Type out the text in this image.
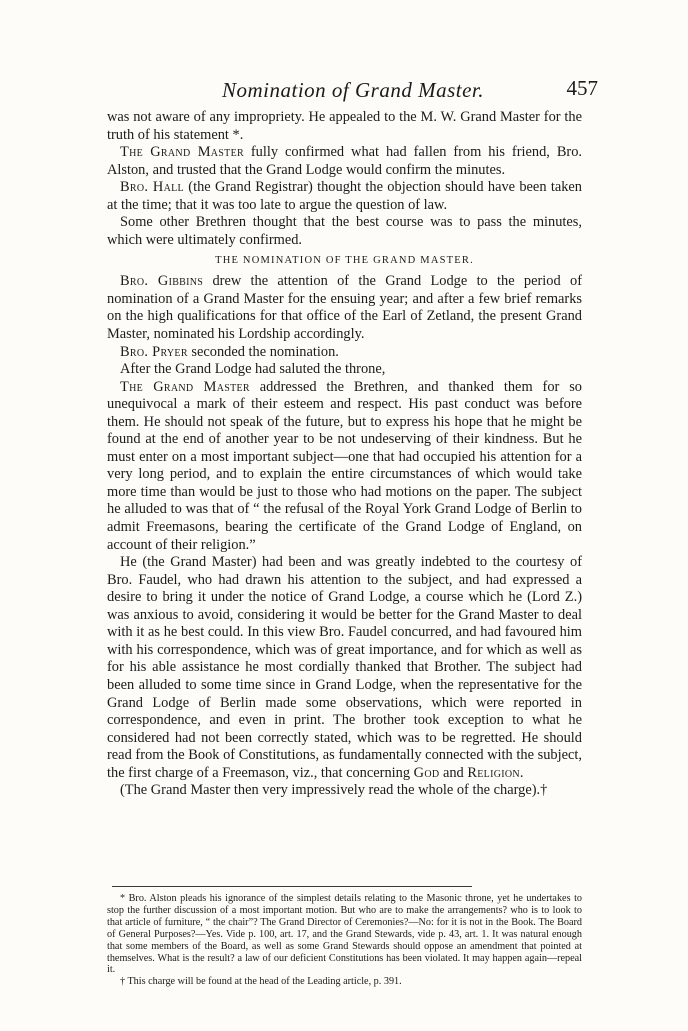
Nomination of Grand Master.	457

was not aware of any impropriety. He appealed to the M. W. Grand Master for the truth of his statement *.

The Grand Master fully confirmed what had fallen from his friend, Bro. Alston, and trusted that the Grand Lodge would confirm the minutes.

Bro. Hall (the Grand Registrar) thought the objection should have been taken at the time; that it was too late to argue the question of law.

Some other Brethren thought that the best course was to pass the minutes, which were ultimately confirmed.

THE NOMINATION OF THE GRAND MASTER.

Bro. Gibbins drew the attention of the Grand Lodge to the period of nomination of a Grand Master for the ensuing year; and after a few brief remarks on the high qualifications for that office of the Earl of Zetland, the present Grand Master, nominated his Lordship accordingly.

Bro. Pryer seconded the nomination.

After the Grand Lodge had saluted the throne,

The Grand Master addressed the Brethren, and thanked them for so unequivocal a mark of their esteem and respect. His past conduct was before them. He should not speak of the future, but to express his hope that he might be found at the end of another year to be not undeserving of their kindness. But he must enter on a most important subject—one that had occupied his attention for a very long period, and to explain the entire circumstances of which would take more time than would be just to those who had motions on the paper. The subject he alluded to was that of “ the refusal of the Royal York Grand Lodge of Berlin to admit Freemasons, bearing the certificate of the Grand Lodge of England, on account of their religion.”

He (the Grand Master) had been and was greatly indebted to the courtesy of Bro. Faudel, who had drawn his attention to the subject, and had expressed a desire to bring it under the notice of Grand Lodge, a course which he (Lord Z.) was anxious to avoid, considering it would be better for the Grand Master to deal with it as he best could. In this view Bro. Faudel concurred, and had favoured him with his correspondence, which was of great importance, and for which as well as for his able assistance he most cordially thanked that Brother. The subject had been alluded to some time since in Grand Lodge, when the representative for the Grand Lodge of Berlin made some observations, which were reported in correspondence, and even in print. The brother took exception to what he considered had not been correctly stated, which was to be regretted. He should read from the Book of Constitutions, as fundamentally connected with the subject, the first charge of a Freemason, viz., that concerning God and Religion.

(The Grand Master then very impressively read the whole of the charge).†

* Bro. Alston pleads his ignorance of the simplest details relating to the Masonic throne, yet he undertakes to stop the further discussion of a most important motion. But who are to make the arrangements? who is to look to that article of furniture, “ the chair”? The Grand Director of Ceremonies?—No: for it is not in the Book. The Board of General Purposes?—Yes. Vide p. 100, art. 17, and the Grand Stewards, vide p. 43, art. 1. It was natural enough that some members of the Board, as well as some Grand Stewards should oppose an amendment that pointed at themselves. What is the result? a law of our deficient Constitutions has been violated. It may happen again—repeal it.

† This charge will be found at the head of the Leading article, p. 391.
